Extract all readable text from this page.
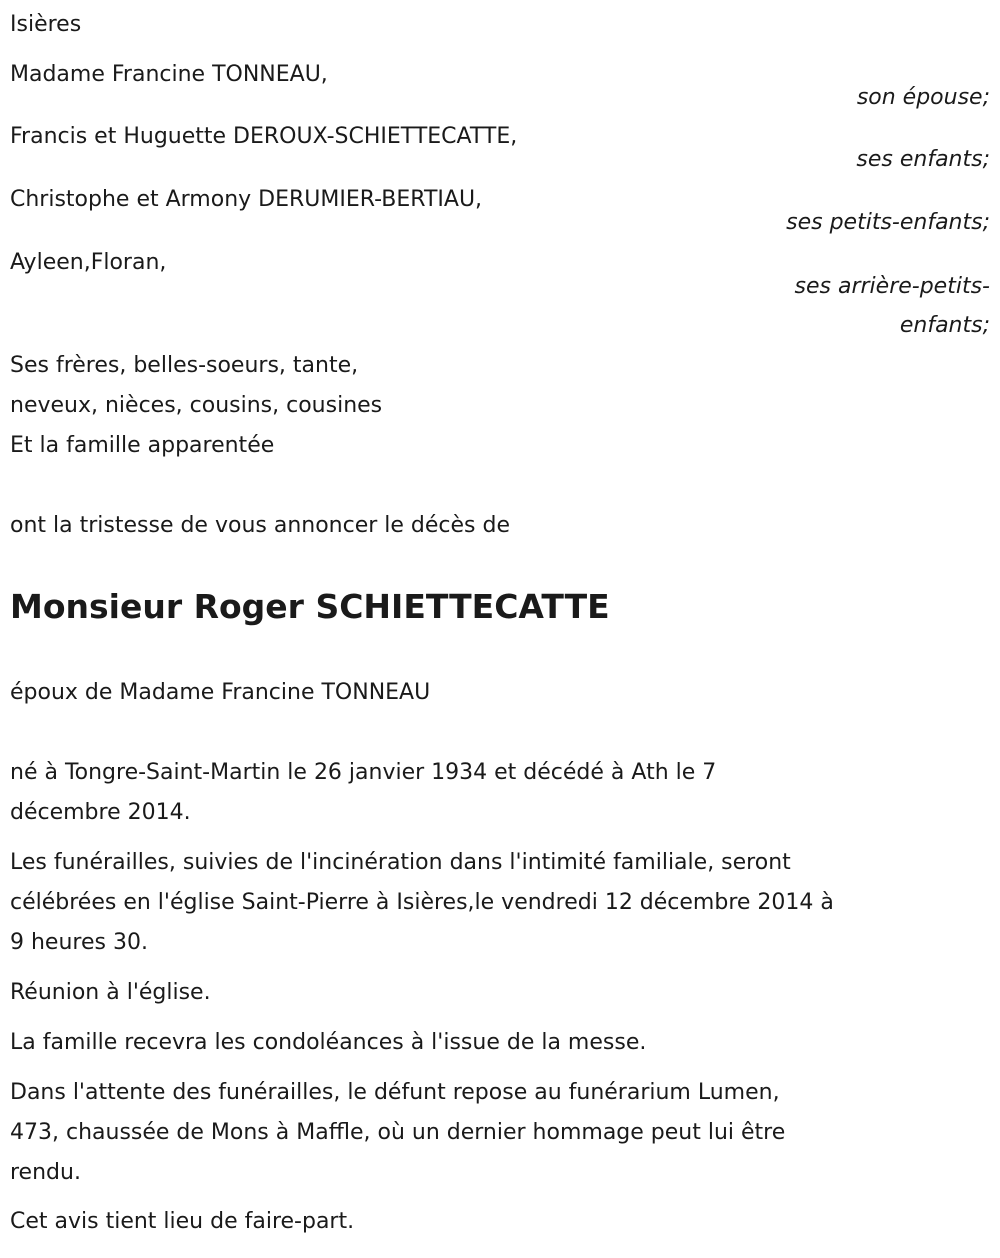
Isières
Madame Francine TONNEAU,
son épouse;
Francis et Huguette DEROUX-SCHIETTECATTE,
ses enfants;
Christophe et Armony DERUMIER-BERTIAU,
ses petits-enfants;
Ayleen,Floran,
ses arrière-petits-
enfants;
Ses frères, belles-soeurs, tante,
neveux, nièces, cousins, cousines
Et la famille apparentée
ont la tristesse de vous annoncer le décès de
Monsieur Roger SCHIETTECATTE
époux de Madame Francine TONNEAU
né à Tongre-Saint-Martin le 26 janvier 1934 et décédé à Ath le 7
décembre 2014.
Les funérailles, suivies de l'incinération dans l'intimité familiale, seront
célébrées en l'église Saint-Pierre à Isières,le vendredi 12 décembre 2014 à
9 heures 30.
Réunion à l'église.
La famille recevra les condoléances à l'issue de la messe.
Dans l'attente des funérailles, le défunt repose au funérarium Lumen,
473, chaussée de Mons à Maffle, où un dernier hommage peut lui être
rendu.
Cet avis tient lieu de faire-part.
